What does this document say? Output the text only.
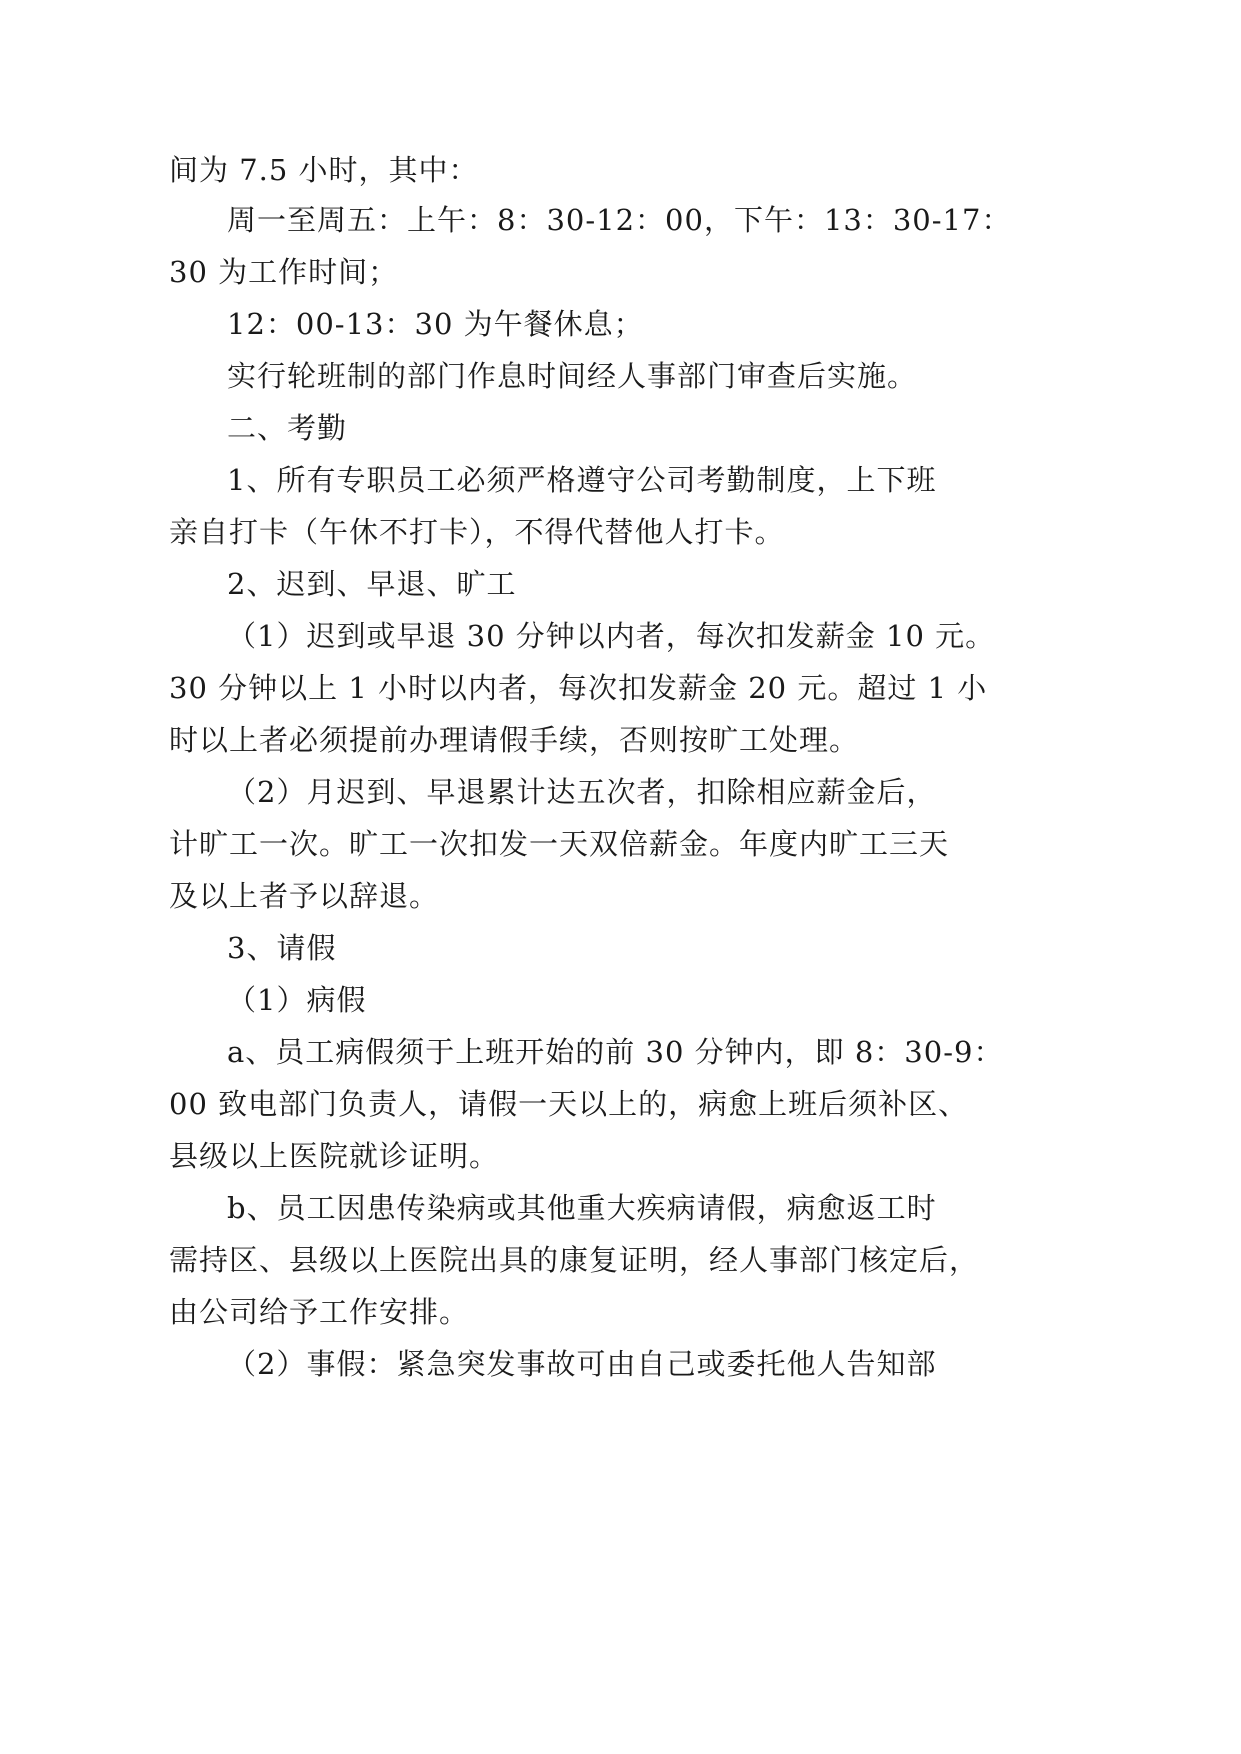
间为 7.5 小时，其中：

周一至周五：上午：8：30-12：00，下午：13：30-17：

30 为工作时间；

12：00-13：30 为午餐休息；

实行轮班制的部门作息时间经人事部门审查后实施。

二、考勤

1、所有专职员工必须严格遵守公司考勤制度，上下班

亲自打卡（午休不打卡），不得代替他人打卡。

2、迟到、早退、旷工

（1）迟到或早退 30 分钟以内者，每次扣发薪金 10 元。

30 分钟以上 1 小时以内者，每次扣发薪金 20 元。超过 1 小

时以上者必须提前办理请假手续，否则按旷工处理。

（2）月迟到、早退累计达五次者，扣除相应薪金后，

计旷工一次。旷工一次扣发一天双倍薪金。年度内旷工三天

及以上者予以辞退。

3、请假

（1）病假

a、员工病假须于上班开始的前 30 分钟内，即 8：30-9：

00 致电部门负责人，请假一天以上的，病愈上班后须补区、

县级以上医院就诊证明。

b、员工因患传染病或其他重大疾病请假，病愈返工时

需持区、县级以上医院出具的康复证明，经人事部门核定后，

由公司给予工作安排。

（2）事假：紧急突发事故可由自己或委托他人告知部
